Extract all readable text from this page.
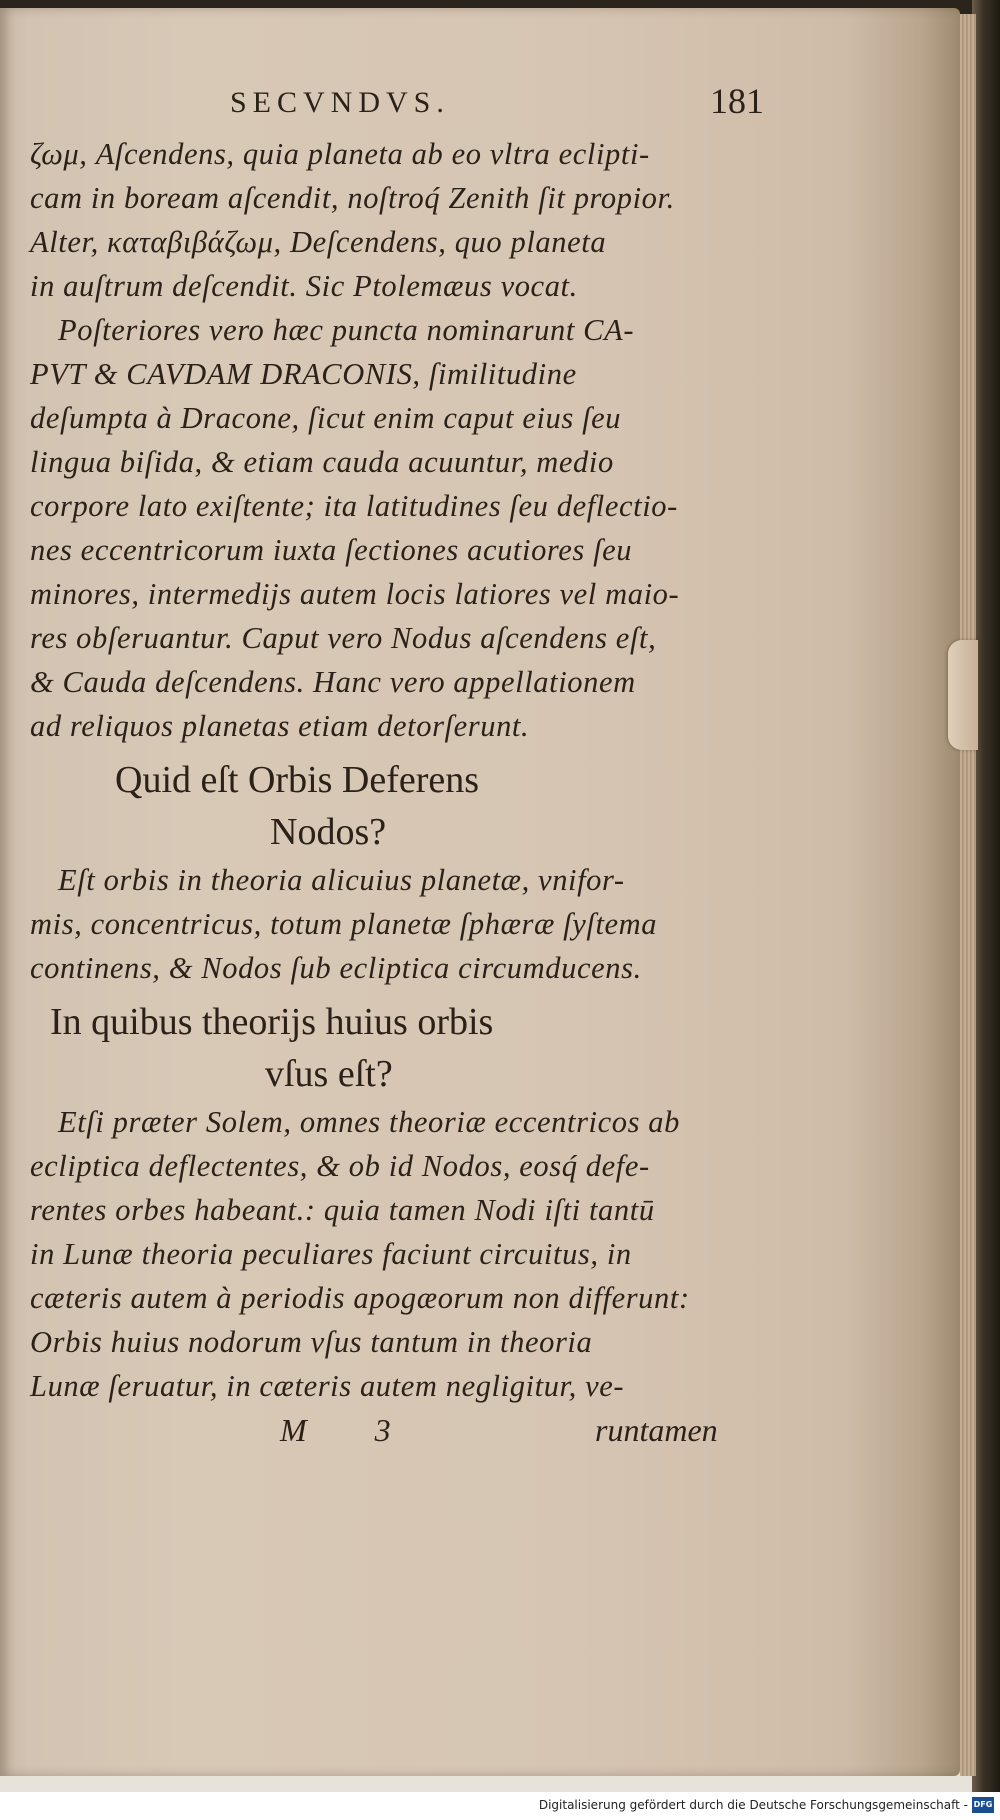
SECVNDVS.	181
ζωμ, Aſcendens, quia planeta ab eo vltra eclipti-
cam in boream aſcendit, noſtroq́ Zenith ſit propior.
Alter, καταβιβάζωμ, Deſcendens, quo planeta
in auſtrum deſcendit. Sic Ptolemæus vocat.
Poſteriores vero hæc puncta nominarunt CA-
PVT & CAVDAM DRACONIS, ſimilitudine
deſumpta à Dracone, ſicut enim caput eius ſeu
lingua biſida, & etiam cauda acuuntur, medio
corpore lato exiſtente; ita latitudines ſeu deflectio-
nes eccentricorum iuxta ſectiones acutiores ſeu
minores, intermedijs autem locis latiores vel maio-
res obſeruantur. Caput vero Nodus aſcendens eſt,
& Cauda deſcendens. Hanc vero appellationem
ad reliquos planetas etiam detorſerunt.
Quid eſt Orbis Deferens
Nodos?
Eſt orbis in theoria alicuius planetæ, vnifor-
mis, concentricus, totum planetæ ſphæræ ſyſtema
continens, & Nodos ſub ecliptica circumducens.
In quibus theorijs huius orbis
vſus eſt?
Etſi præter Solem, omnes theoriæ eccentricos ab
ecliptica deflectentes, & ob id Nodos, eosq́ defe-
rentes orbes habeant.: quia tamen Nodi iſti tantū
in Lunæ theoria peculiares faciunt circuitus, in
cæteris autem à periodis apogæorum non differunt:
Orbis huius nodorum vſus tantum in theoria
Lunæ ſeruatur, in cæteris autem negligitur, ve-
M 3	runtamen
Digitalisierung gefördert durch die Deutsche Forschungsgemeinschaft - DFG
